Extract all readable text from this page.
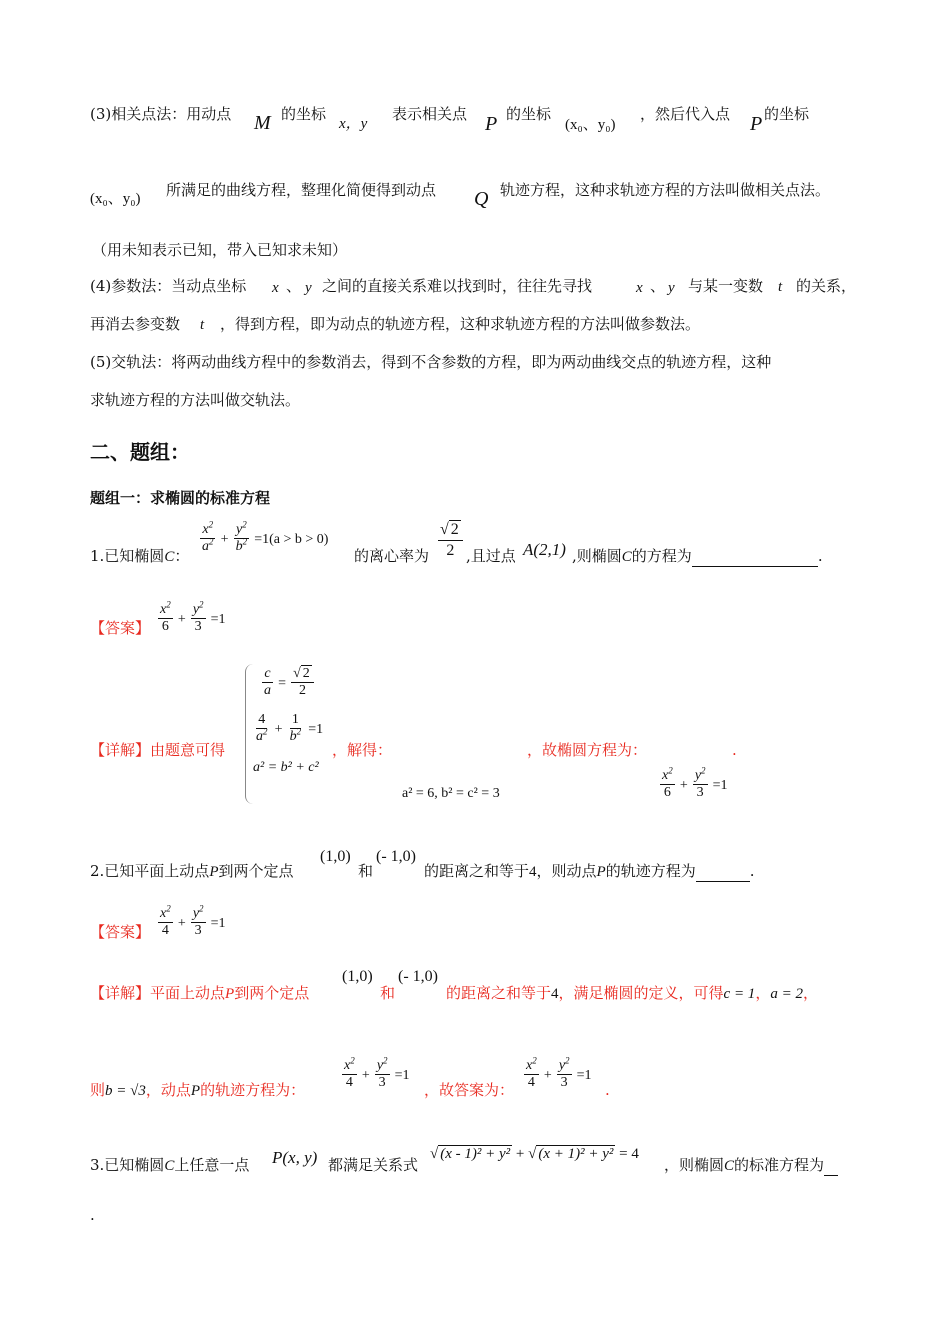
(3)相关点法：用动点 M 的坐标
x，y
表示相关点 P 的坐标
(x₀、y₀)
，然后代入点 P 的坐标
(x₀、y₀) 所满足的曲线方程，整理化简便得到动点 Q 轨迹方程，这种求轨迹方程的方法叫做相关点法。
（用未知表示已知，带入已知求未知）
(4)参数法：当动点坐标 x 、 y 之间的直接关系难以找到时，往往先寻找	x 、 y 与某一变数 t 的关系，
再消去参变数 t ，得到方程，即为动点的轨迹方程，这种求轨迹方程的方法叫做参数法。
(5)交轨法：将两动曲线方程中的参数消去，得到不含参数的方程，即为两动曲线交点的轨迹方程，这种
求轨迹方程的方法叫做交轨法。
二、题组：
题组一：求椭圆的标准方程
1.已知椭圆C：
$\frac{x^2}{a^2} + \frac{y^2}{b^2} =1(a > b > 0)$
的离心率为 $\frac{√ 2}{2}$ ,且过点 A(2,1) ,则椭圆C的方程为	.
【答案】 $\frac{x^2}{6} + \frac{y^2}{3} =1$
【详解】由题意可得
$\frac{c}{a} = \frac{√ 2}{2}$
$\frac{4}{a^2} + \frac{1}{b^2} =1$
a² = b² + c²
，解得：	，故椭圆方程为：	.
a² = 6, b² = c² = 3	$\frac{x^2}{6} + \frac{y^2}{3} =1$
2.已知平面上动点P到两个定点
(1,0)
和
(- 1,0)
的距离之和等于4，则动点P的轨迹方程为	.
【答案】 $\frac{x^2}{4} + \frac{y^2}{3} =1$
【详解】平面上动点P到两个定点
(1,0)
和
(- 1,0)
的距离之和等于4，满足椭圆的定义，可得c = 1，a = 2，
则b = √3，动点P的轨迹方程为：	$\frac{x^2}{4} + \frac{y^2}{3} =1$
，故答案为： $\frac{x^2}{4} + \frac{y^2}{3} =1$
.
3.已知椭圆C上任意一点 P(x, y) 都满足关系式
√ (x - 1)² + y² + √ (x + 1)² + y² = 4
，则椭圆C的标准方程为
.
